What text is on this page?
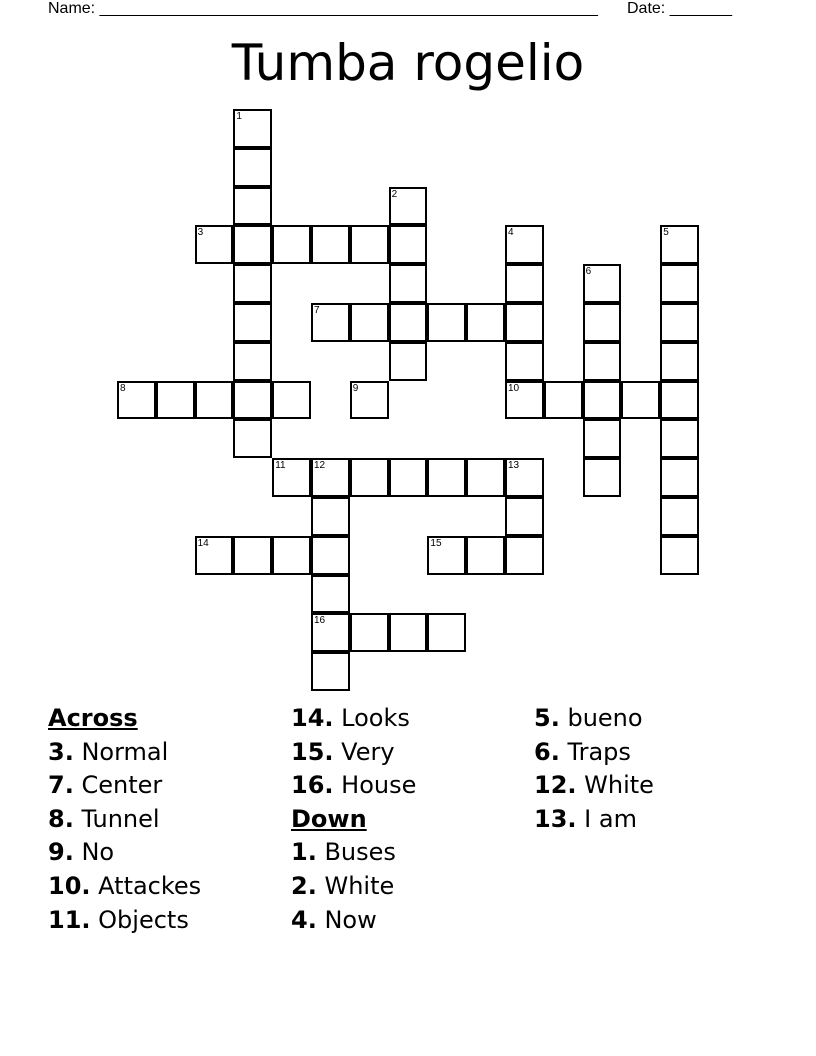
Name: ________________________________________________________ Date: _______
Tumba rogelio
1
2
3	4
10
5
6
7
8	9
11	12	13
14	15
16
Across
3. Normal
7. Center
8. Tunnel
9. No
10. Attackes
11. Objects
14. Looks
15. Very
16. House
Down
1. Buses
2. White
4. Now
5. bueno
6. Traps
12. White
13. I am
